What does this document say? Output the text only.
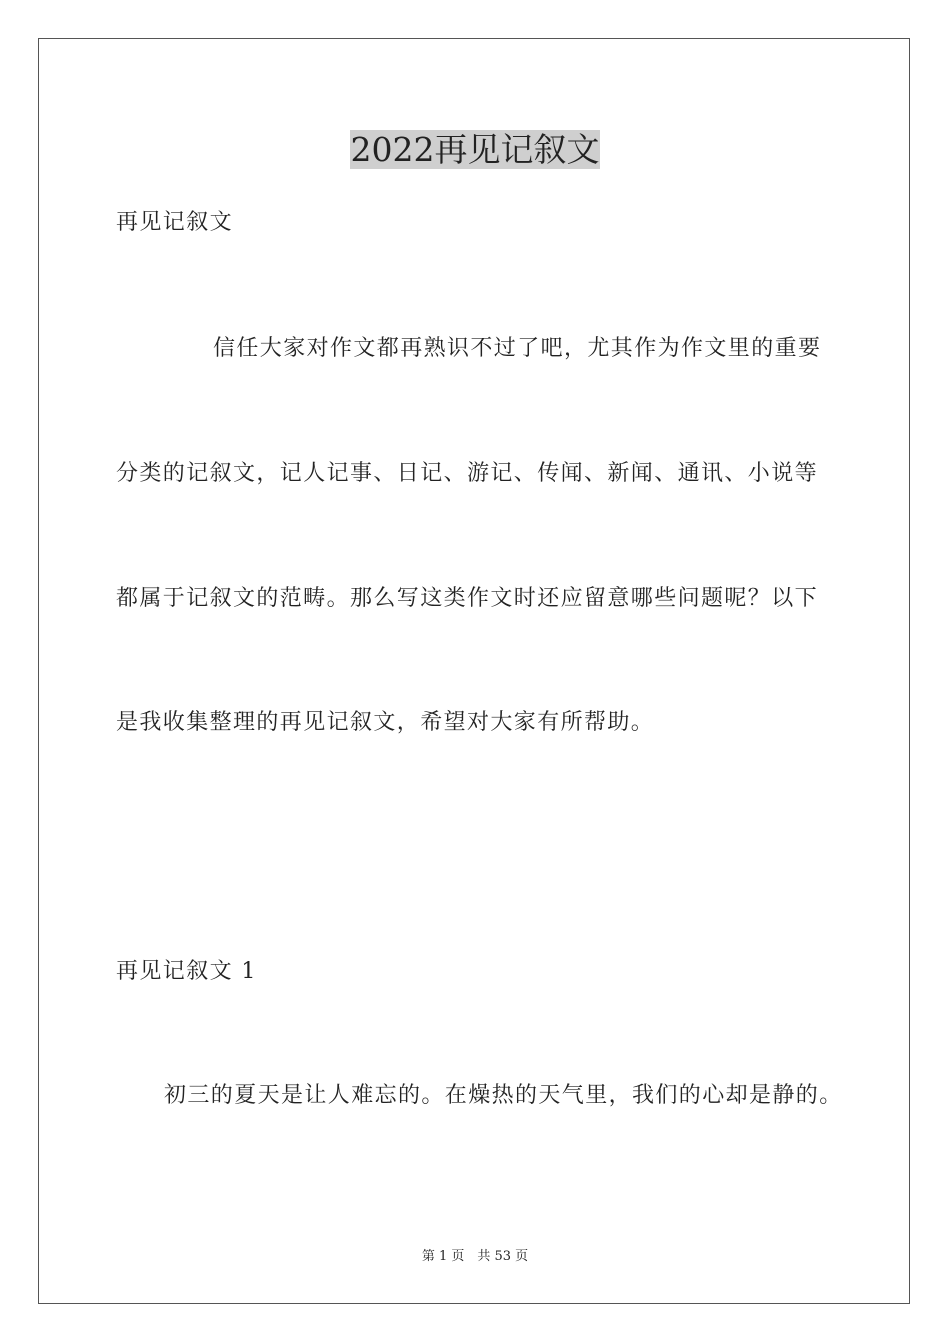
2022再见记叙文
再见记叙文
信任大家对作文都再熟识不过了吧，尤其作为作文里的重要
分类的记叙文，记人记事、日记、游记、传闻、新闻、通讯、小说等
都属于记叙文的范畴。那么写这类作文时还应留意哪些问题呢？以下
是我收集整理的再见记叙文，希望对大家有所帮助。
再见记叙文 1
初三的夏天是让人难忘的。在燥热的天气里，我们的心却是静的。
第 1 页　共 53 页
